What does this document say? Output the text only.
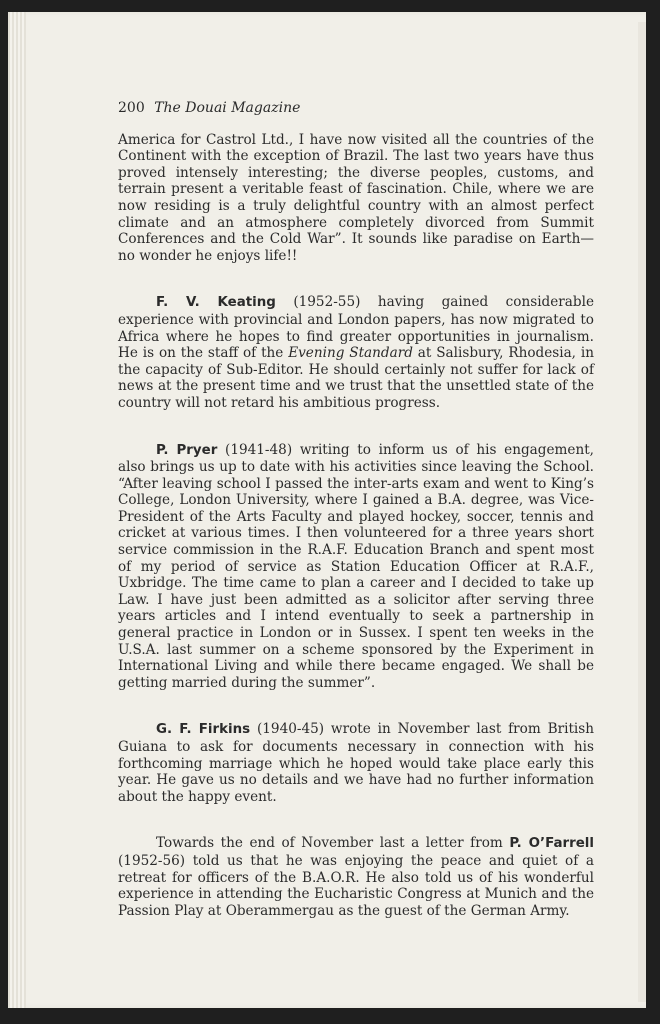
200 The Douai Magazine

America for Castrol Ltd., I have now visited all the countries of the Continent with the exception of Brazil. The last two years have thus proved intensely interesting; the diverse peoples, customs, and terrain present a veritable feast of fascination. Chile, where we are now residing is a truly delightful country with an almost perfect climate and an atmosphere completely divorced from Summit Conferences and the Cold War”. It sounds like paradise on Earth—no wonder he enjoys life!!

F. V. Keating (1952-55) having gained considerable experience with provincial and London papers, has now migrated to Africa where he hopes to find greater opportunities in journalism. He is on the staff of the Evening Standard at Salisbury, Rhodesia, in the capacity of Sub-Editor. He should certainly not suffer for lack of news at the present time and we trust that the unsettled state of the country will not retard his ambitious progress.

P. Pryer (1941-48) writing to inform us of his engagement, also brings us up to date with his activities since leaving the School. “After leaving school I passed the inter-arts exam and went to King’s College, London University, where I gained a B.A. degree, was Vice-President of the Arts Faculty and played hockey, soccer, tennis and cricket at various times. I then volunteered for a three years short service commission in the R.A.F. Education Branch and spent most of my period of service as Station Education Officer at R.A.F., Uxbridge. The time came to plan a career and I decided to take up Law. I have just been admitted as a solicitor after serving three years articles and I intend eventually to seek a partnership in general practice in London or in Sussex. I spent ten weeks in the U.S.A. last summer on a scheme sponsored by the Experiment in International Living and while there became engaged. We shall be getting married during the summer”.

G. F. Firkins (1940-45) wrote in November last from British Guiana to ask for documents necessary in connection with his forthcoming marriage which he hoped would take place early this year. He gave us no details and we have had no further information about the happy event.

Towards the end of November last a letter from P. O’Farrell (1952-56) told us that he was enjoying the peace and quiet of a retreat for officers of the B.A.O.R. He also told us of his wonderful experience in attending the Eucharistic Congress at Munich and the Passion Play at Oberammergau as the guest of the German Army.
